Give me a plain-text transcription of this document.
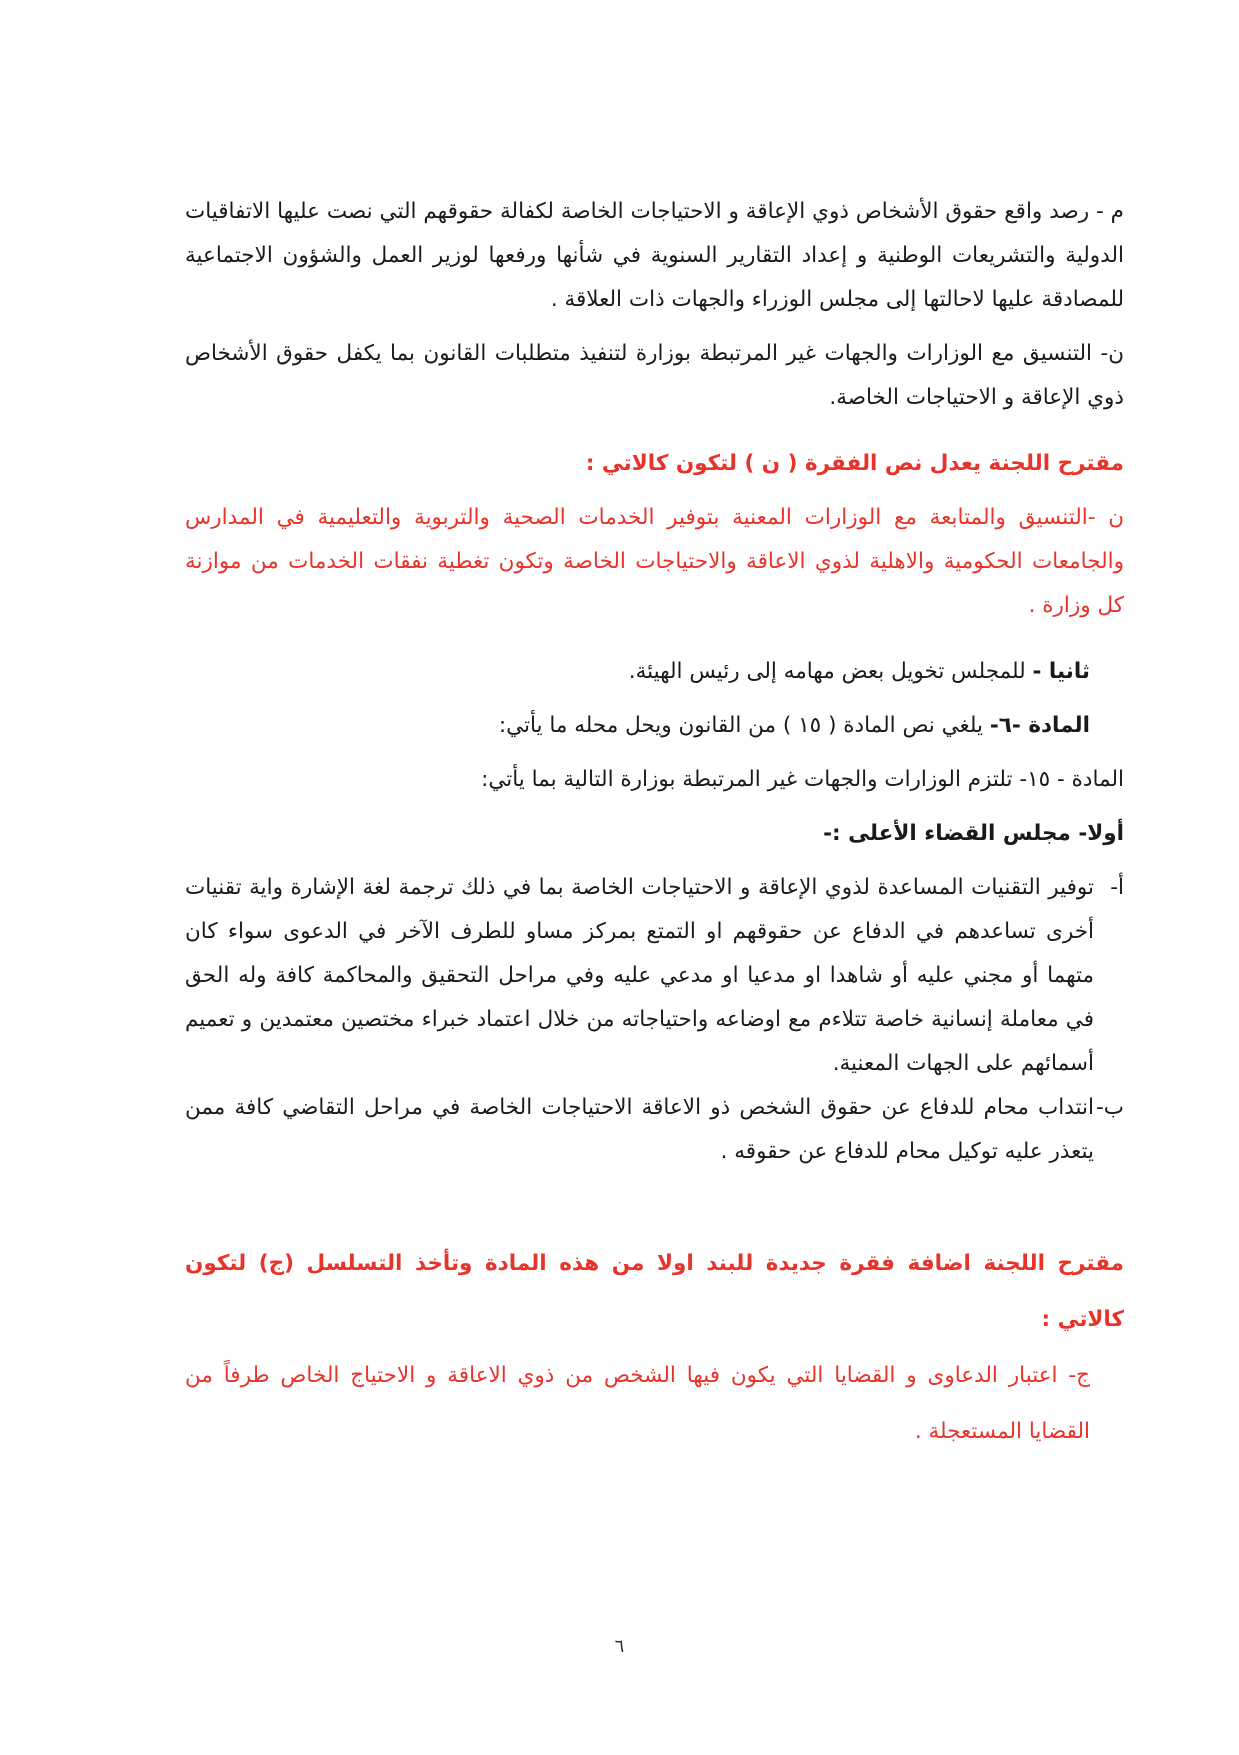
م - رصد واقع حقوق الأشخاص ذوي الإعاقة و الاحتياجات الخاصة لكفالة حقوقهم التي نصت عليها الاتفاقيات الدولية والتشريعات الوطنية و إعداد التقارير السنوية في شأنها ورفعها لوزير العمل والشؤون الاجتماعية للمصادقة عليها لاحالتها إلى مجلس الوزراء والجهات ذات العلاقة .

ن- التنسيق مع الوزارات والجهات غير المرتبطة بوزارة لتنفيذ متطلبات القانون بما يكفل حقوق الأشخاص ذوي الإعاقة و الاحتياجات الخاصة.

مقترح اللجنة يعدل نص الفقرة ( ن ) لتكون كالاتي :

ن -التنسيق والمتابعة مع الوزارات المعنية بتوفير الخدمات الصحية والتربوية والتعليمية في المدارس والجامعات الحكومية والاهلية لذوي الاعاقة والاحتياجات الخاصة وتكون تغطية نفقات الخدمات من موازنة كل وزارة .

ثانيا - للمجلس تخويل بعض مهامه إلى رئيس الهيئة.

المادة -٦- يلغي نص المادة ( ١٥ ) من القانون ويحل محله ما يأتي:

المادة - ١٥- تلتزم الوزارات والجهات غير المرتبطة بوزارة التالية بما يأتي:

أولا- مجلس القضاء الأعلى :-

أ-
توفير التقنيات المساعدة لذوي الإعاقة و الاحتياجات الخاصة بما في ذلك ترجمة لغة الإشارة واية تقنيات أخرى تساعدهم في الدفاع عن حقوقهم او التمتع بمركز مساو للطرف الآخر في الدعوى سواء كان متهما أو مجني عليه أو شاهدا او مدعيا او مدعي عليه وفي مراحل التحقيق والمحاكمة كافة وله الحق في معاملة إنسانية خاصة تتلاءم مع اوضاعه واحتياجاته من خلال اعتماد خبراء مختصين معتمدين و تعميم أسمائهم على الجهات المعنية.
ب-
انتداب محام للدفاع عن حقوق الشخص ذو الاعاقة الاحتياجات الخاصة في مراحل التقاضي كافة ممن يتعذر عليه توكيل محام للدفاع عن حقوقه .

مقترح اللجنة اضافة فقرة جديدة للبند اولا من هذه المادة وتأخذ التسلسل (ج) لتكون كالاتي :

ج- اعتبار الدعاوى و القضايا التي يكون فيها الشخص من ذوي الاعاقة و الاحتياج الخاص طرفاً من القضايا المستعجلة .

٦
